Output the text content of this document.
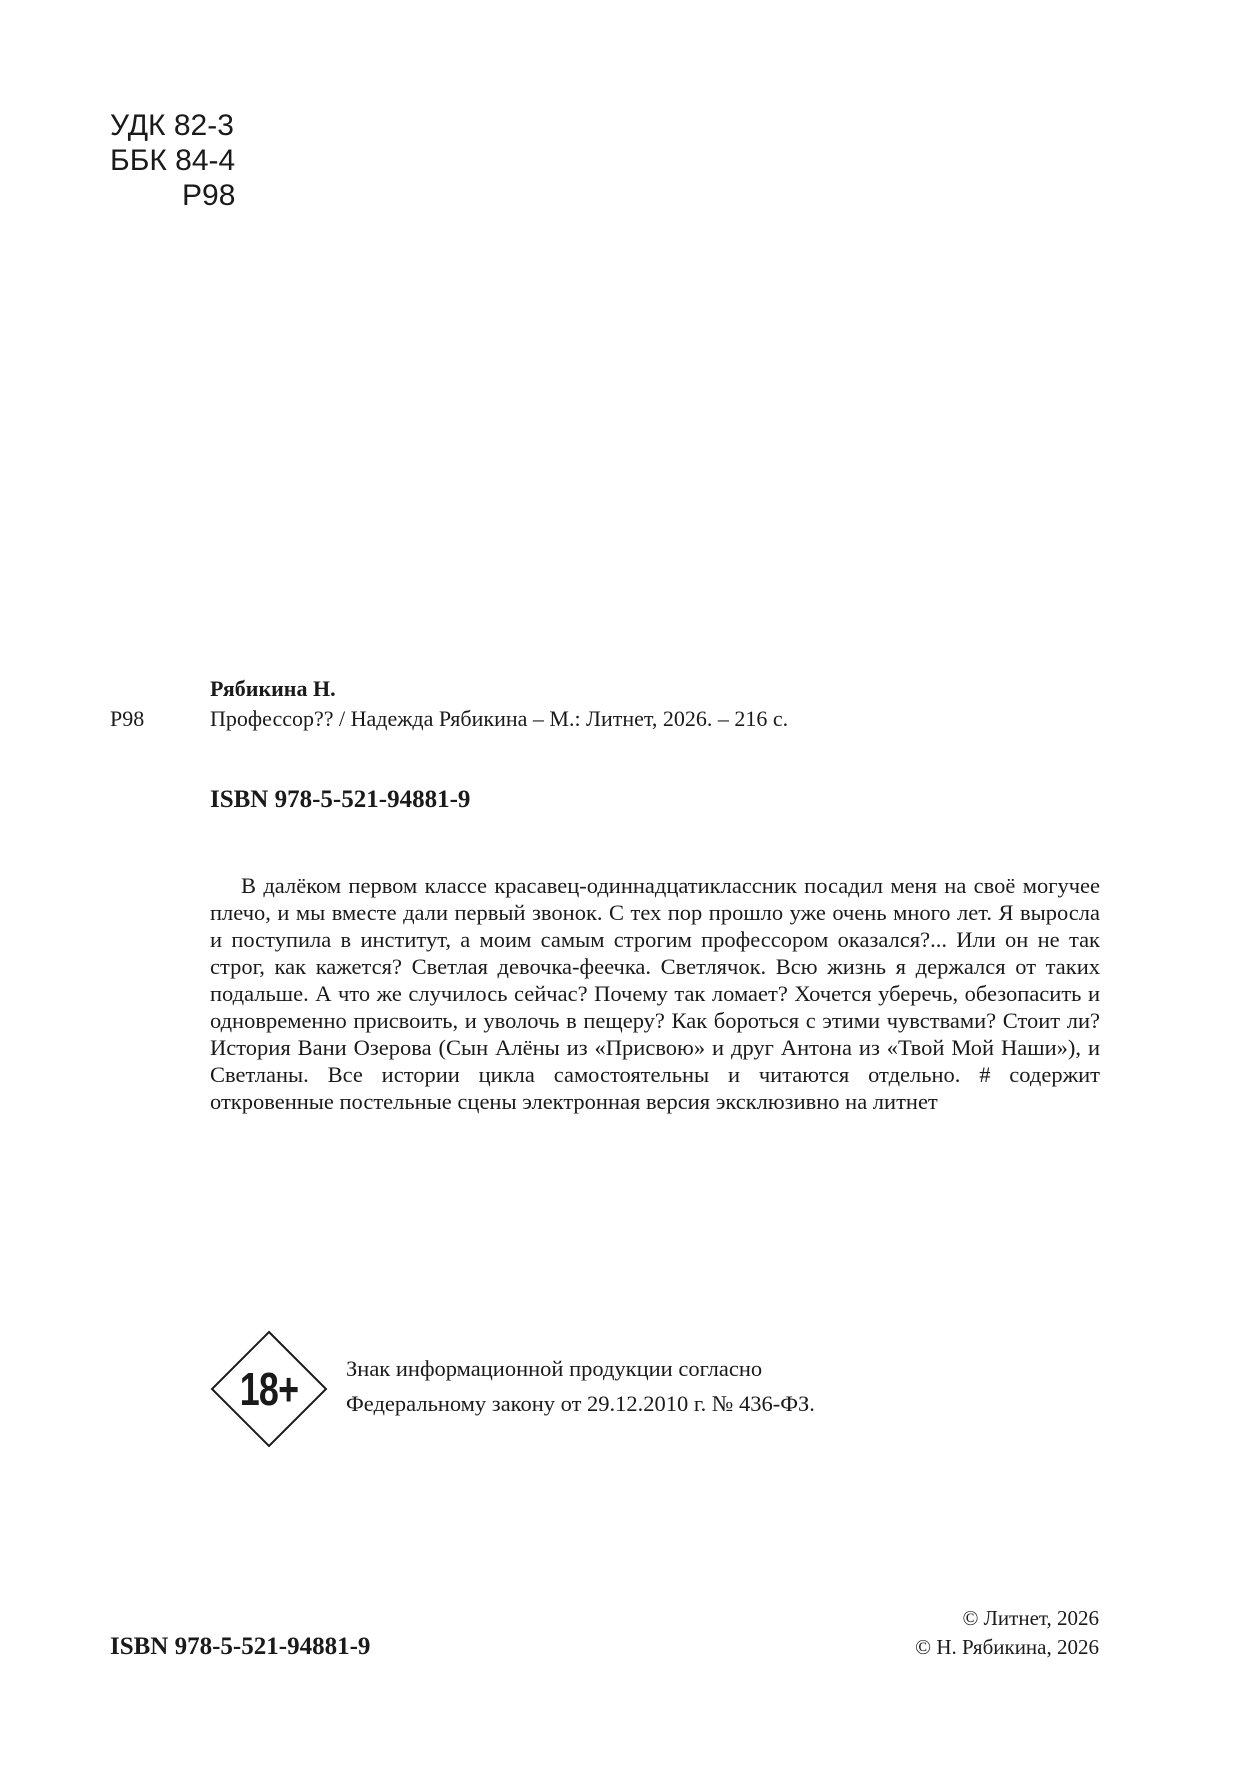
УДК 82-3
ББК 84-4
Р98
Рябикина Н.
Р98	Профессор?? / Надежда Рябикина – М.: Литнет, 2026. – 216 с.
ISBN 978-5-521-94881-9

В далёком первом классе красавец-одиннадцатиклассник посадил меня на своё могучее плечо, и мы вместе дали первый звонок. С тех пор прошло уже очень много лет. Я выросла и поступила в институт, а моим самым строгим профессором оказался?... Или он не так строг, как кажется? Светлая девочка-феечка. Светлячок. Всю жизнь я держался от таких подальше. А что же случилось сейчас? Почему так ломает? Хочется уберечь, обезопасить и одновременно присвоить, и уволочь в пещеру? Как бороться с этими чувствами? Стоит ли? История Вани Озерова (Сын Алёны из «Присвою» и друг Антона из «Твой Мой Наши»), и Светланы. Все истории цикла самостоятельны и читаются отдельно. # содержит откровенные постельные сцены электронная версия эксклюзивно на литнет

18+	Знак информационной продукции согласно
Федеральному закону от 29.12.2010 г. № 436-ФЗ.
ISBN 978-5-521-94881-9
© Литнет, 2026
© Н. Рябикина, 2026
